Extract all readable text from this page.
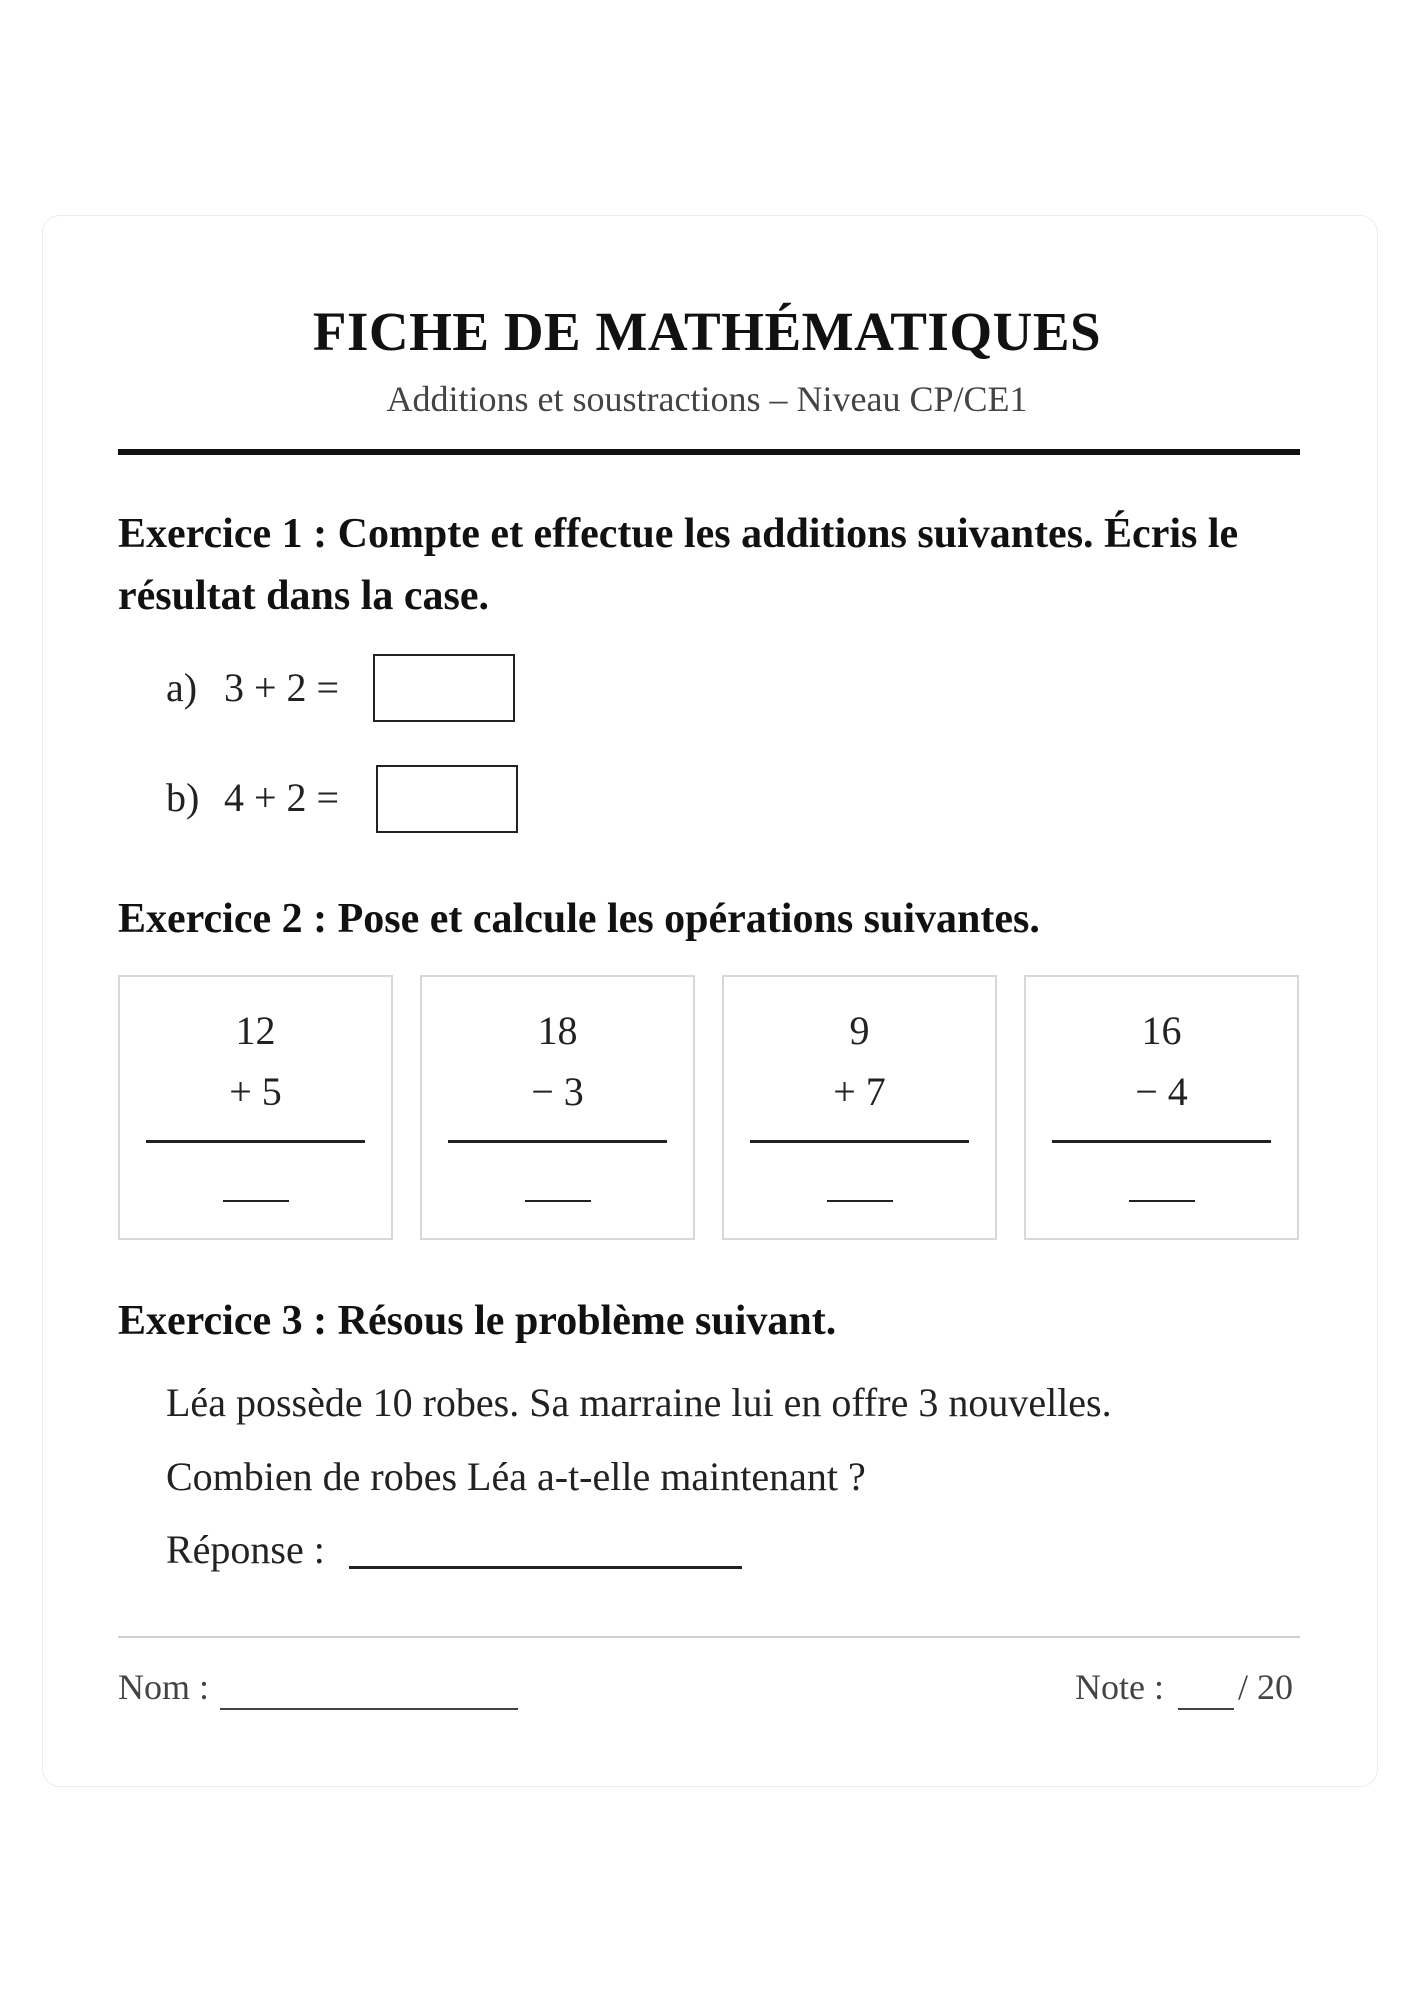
FICHE DE MATHÉMATIQUES
Additions et soustractions – Niveau CP/CE1
Exercice 1 : Compte et effectue les additions suivantes. Écris le résultat dans la case.
a) 3 + 2 =
b) 4 + 2 =
Exercice 2 : Pose et calcule les opérations suivantes.
12
+ 5
18
− 3
9
+ 7
16
− 4
Exercice 3 : Résous le problème suivant.
Léa possède 10 robes. Sa marraine lui en offre 3 nouvelles.
Combien de robes Léa a-t-elle maintenant ?
Réponse :
Nom :	Note : / 20
